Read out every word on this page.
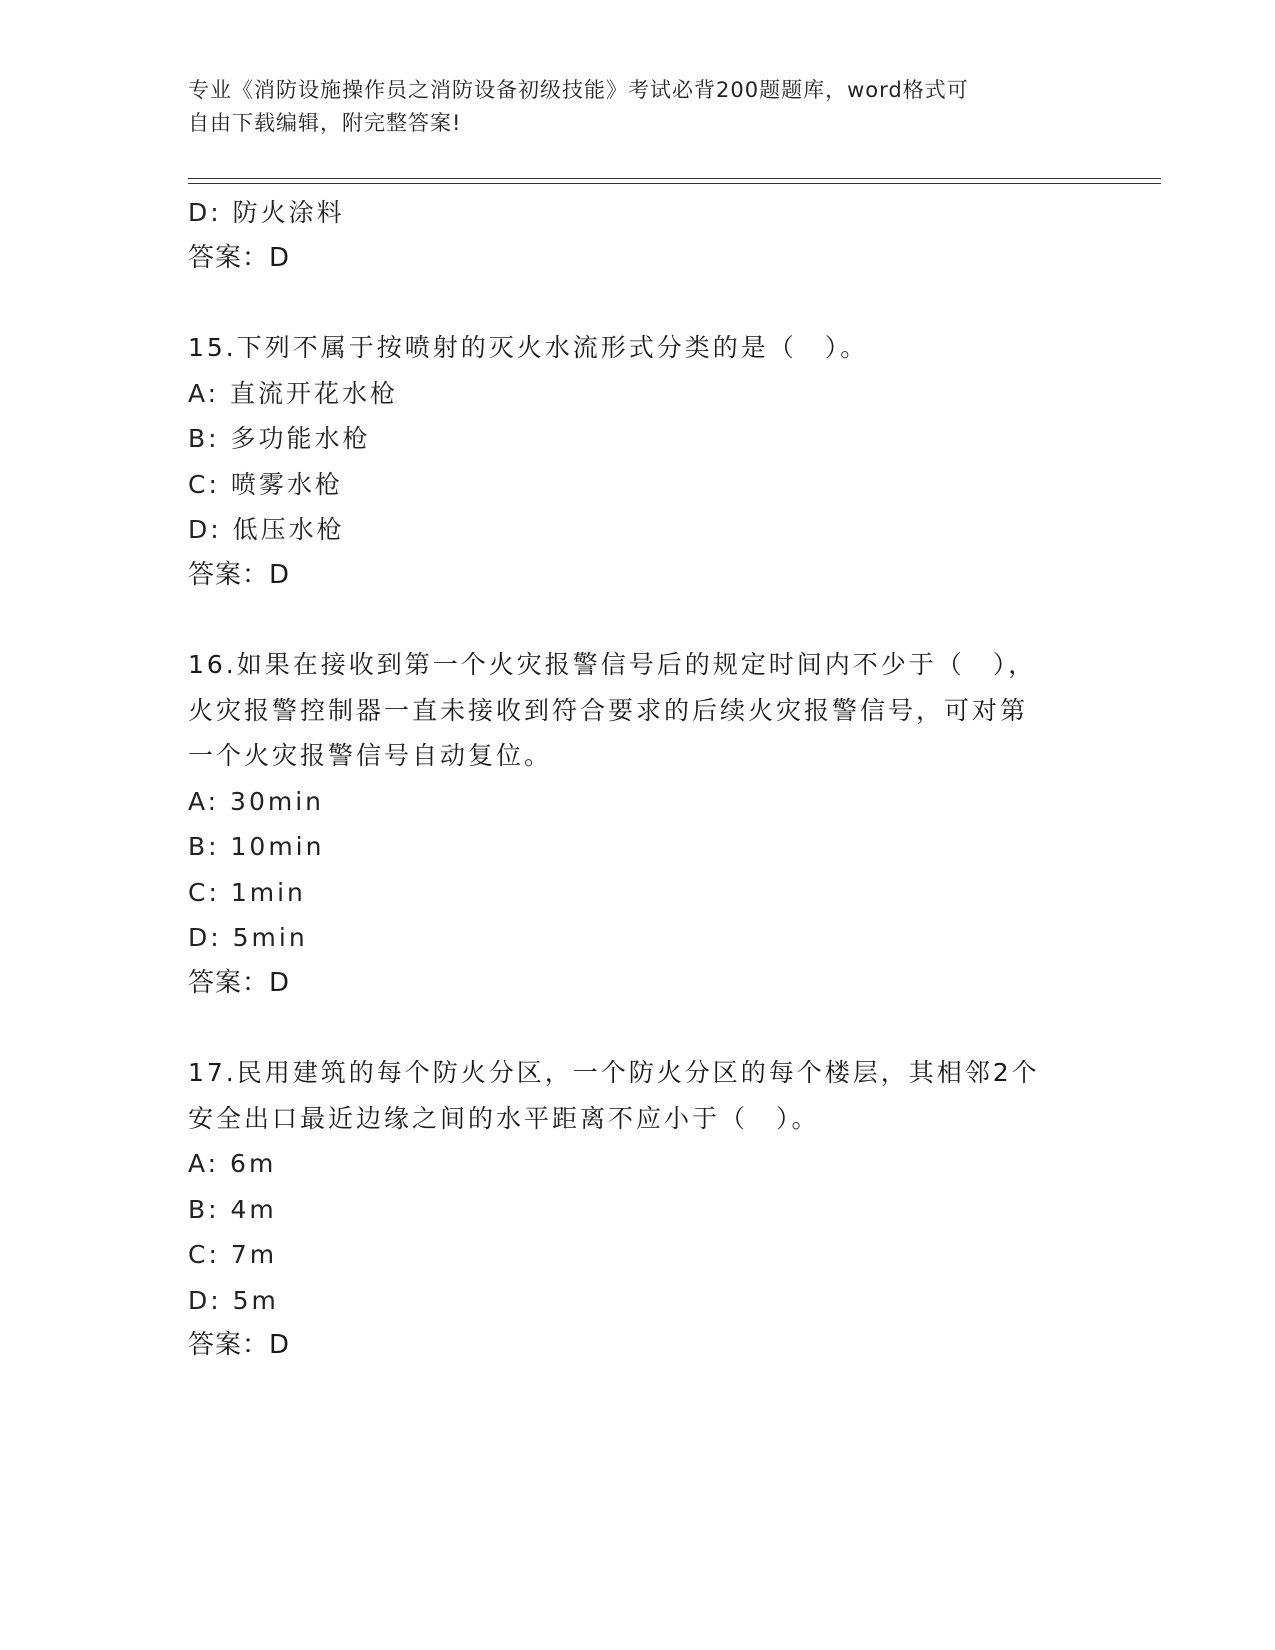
专业《消防设施操作员之消防设备初级技能》考试必背200题题库，word格式可
自由下载编辑，附完整答案!
D: 防火涂料
答案：D
15.下列不属于按喷射的灭火水流形式分类的是（　）。
A: 直流开花水枪
B: 多功能水枪
C: 喷雾水枪
D: 低压水枪
答案：D
16.如果在接收到第一个火灾报警信号后的规定时间内不少于（　），
火灾报警控制器一直未接收到符合要求的后续火灾报警信号，可对第
一个火灾报警信号自动复位。
A: 30min
B: 10min
C: 1min
D: 5min
答案：D
17.民用建筑的每个防火分区，一个防火分区的每个楼层，其相邻2个
安全出口最近边缘之间的水平距离不应小于（　）。
A: 6m
B: 4m
C: 7m
D: 5m
答案：D
